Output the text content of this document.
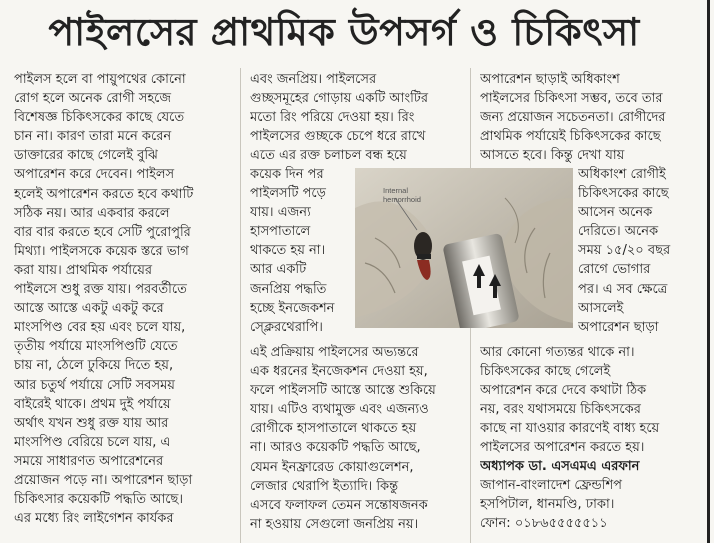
পাইলসের প্রাথমিক উপসর্গ ও চিকিৎসা

পাইলস হলে বা পায়ুপথের কোনো

রোগ হলে অনেক রোগী সহজে

বিশেষজ্ঞ চিকিৎসকের কাছে যেতে

চান না। কারণ তারা মনে করেন

ডাক্তারের কাছে গেলেই বুঝি

অপারেশন করে দেবেন। পাইলস

হলেই অপারেশন করতে হবে কথাটি

সঠিক নয়। আর একবার করলে

বার বার করতে হবে সেটি পুরোপুরি

মিথ্যা। পাইলসকে কয়েক স্তরে ভাগ

করা যায়। প্রাথমিক পর্যায়ের

পাইলসে শুধু রক্ত যায়। পরবর্তীতে

আস্তে আস্তে একটু একটু করে

মাংসপিণ্ড বের হয় এবং চলে যায়,

তৃতীয় পর্যায়ে মাংসপিণ্ডটি যেতে

চায় না, ঠেলে ঢুকিয়ে দিতে হয়,

আর চতুর্থ পর্যায়ে সেটি সবসময়

বাইরেই থাকে। প্রথম দুই পর্যায়ে

অর্থাৎ যখন শুধু রক্ত যায় আর

মাংসপিণ্ড বেরিয়ে চলে যায়, এ

সময়ে সাধারণত অপারেশনের

প্রয়োজন পড়ে না। অপারেশন ছাড়া

চিকিৎসার কয়েকটি পদ্ধতি আছে।

এর মধ্যে রিং লাইগেশন কার্যকর

এবং জনপ্রিয়। পাইলসের

গুচ্ছসমূহের গোড়ায় একটি আংটির

মতো রিং পরিয়ে দেওয়া হয়। রিং

পাইলসের গুচ্ছকে চেপে ধরে রাখে

এতে এর রক্ত চলাচল বন্ধ হয়ে

কয়েক দিন পর

পাইলসটি পড়ে

যায়। এজন্য

হাসপাতালে

থাকতে হয় না।

আর একটি

জনপ্রিয় পদ্ধতি

হচ্ছে ইনজেকশন

স্ক্লেরথেরাপি।

এই প্রক্রিয়ায় পাইলসের অভ্যন্তরে

এক ধরনের ইনজেকশন দেওয়া হয়,

ফলে পাইলসটি আস্তে আস্তে শুকিয়ে

যায়। এটিও ব্যথামুক্ত এবং এজন্যও

রোগীকে হাসপাতালে থাকতে হয়

না। আরও কয়েকটি পদ্ধতি আছে,

যেমন ইনফ্রারেড কোয়াগুলেশন,

লেজার থেরাপি ইত্যাদি। কিন্তু

এসবে ফলাফল তেমন সন্তোষজনক

না হওয়ায় সেগুলো জনপ্রিয় নয়।

অপারেশন ছাড়াই অধিকাংশ

পাইলসের চিকিৎসা সম্ভব, তবে তার

জন্য প্রয়োজন সচেতনতা। রোগীদের

প্রাথমিক পর্যায়েই চিকিৎসকের কাছে

আসতে হবে। কিন্তু দেখা যায়

অধিকাংশ রোগীই

চিকিৎসকের কাছে

আসেন অনেক

দেরিতে। অনেক

সময় ১৫/২০ বছর

রোগে ভোগার

পর। এ সব ক্ষেত্রে

আসলেই

অপারেশন ছাড়া

আর কোনো গত্যন্তর থাকে না।

চিকিৎসকের কাছে গেলেই

অপারেশন করে দেবে কথাটা ঠিক

নয়, বরং যথাসময়ে চিকিৎসকের

কাছে না যাওয়ার কারণেই বাধ্য হয়ে

পাইলসের অপারেশন করতে হয়।

অধ্যাপক ডা. এসএমএ এরফান

জাপান-বাংলাদেশ ফ্রেন্ডশিপ

হসপিটাল, ধানমণ্ডি, ঢাকা।

ফোন: ০১৮৬৫৫৫৫৫১১

Internal
hemorrhoid
